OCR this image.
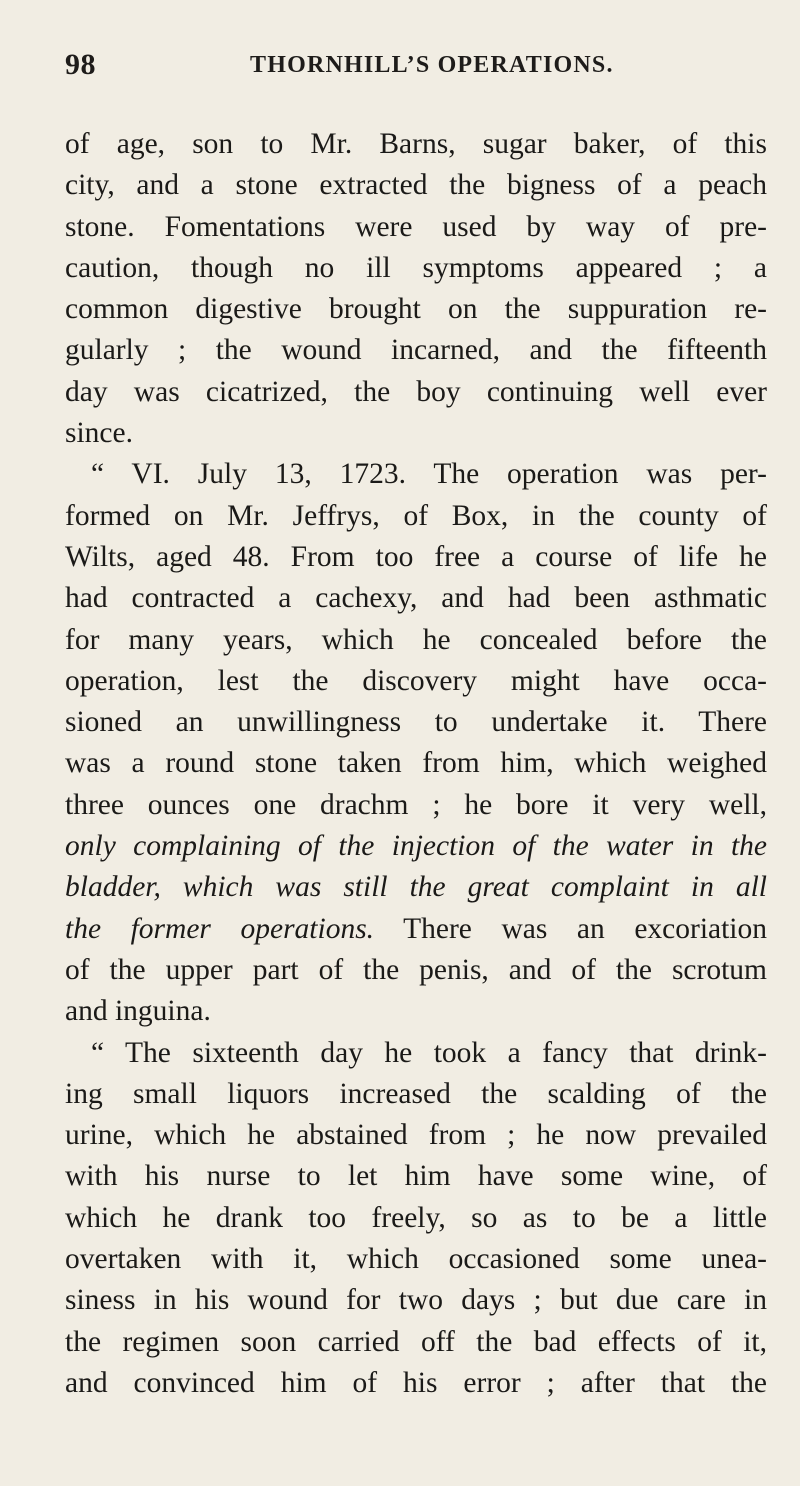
98	THORNHILL’S OPERATIONS.
of age, son to Mr. Barns, sugar baker, of this
city, and a stone extracted the bigness of a peach
stone. Fomentations were used by way of pre-
caution, though no ill symptoms appeared ; a
common digestive brought on the suppuration re-
gularly ; the wound incarned, and the fifteenth
day was cicatrized, the boy continuing well ever
since.
“ VI. July 13, 1723. The operation was per-
formed on Mr. Jeffrys, of Box, in the county of
Wilts, aged 48. From too free a course of life he
had contracted a cachexy, and had been asthmatic
for many years, which he concealed before the
operation, lest the discovery might have occa-
sioned an unwillingness to undertake it. There
was a round stone taken from him, which weighed
three ounces one drachm ; he bore it very well,
only complaining of the injection of the water in the
bladder, which was still the great complaint in all
the former operations. There was an excoriation
of the upper part of the penis, and of the scrotum
and inguina.
“ The sixteenth day he took a fancy that drink-
ing small liquors increased the scalding of the
urine, which he abstained from ; he now prevailed
with his nurse to let him have some wine, of
which he drank too freely, so as to be a little
overtaken with it, which occasioned some unea-
siness in his wound for two days ; but due care in
the regimen soon carried off the bad effects of it,
and convinced him of his error ; after that the
